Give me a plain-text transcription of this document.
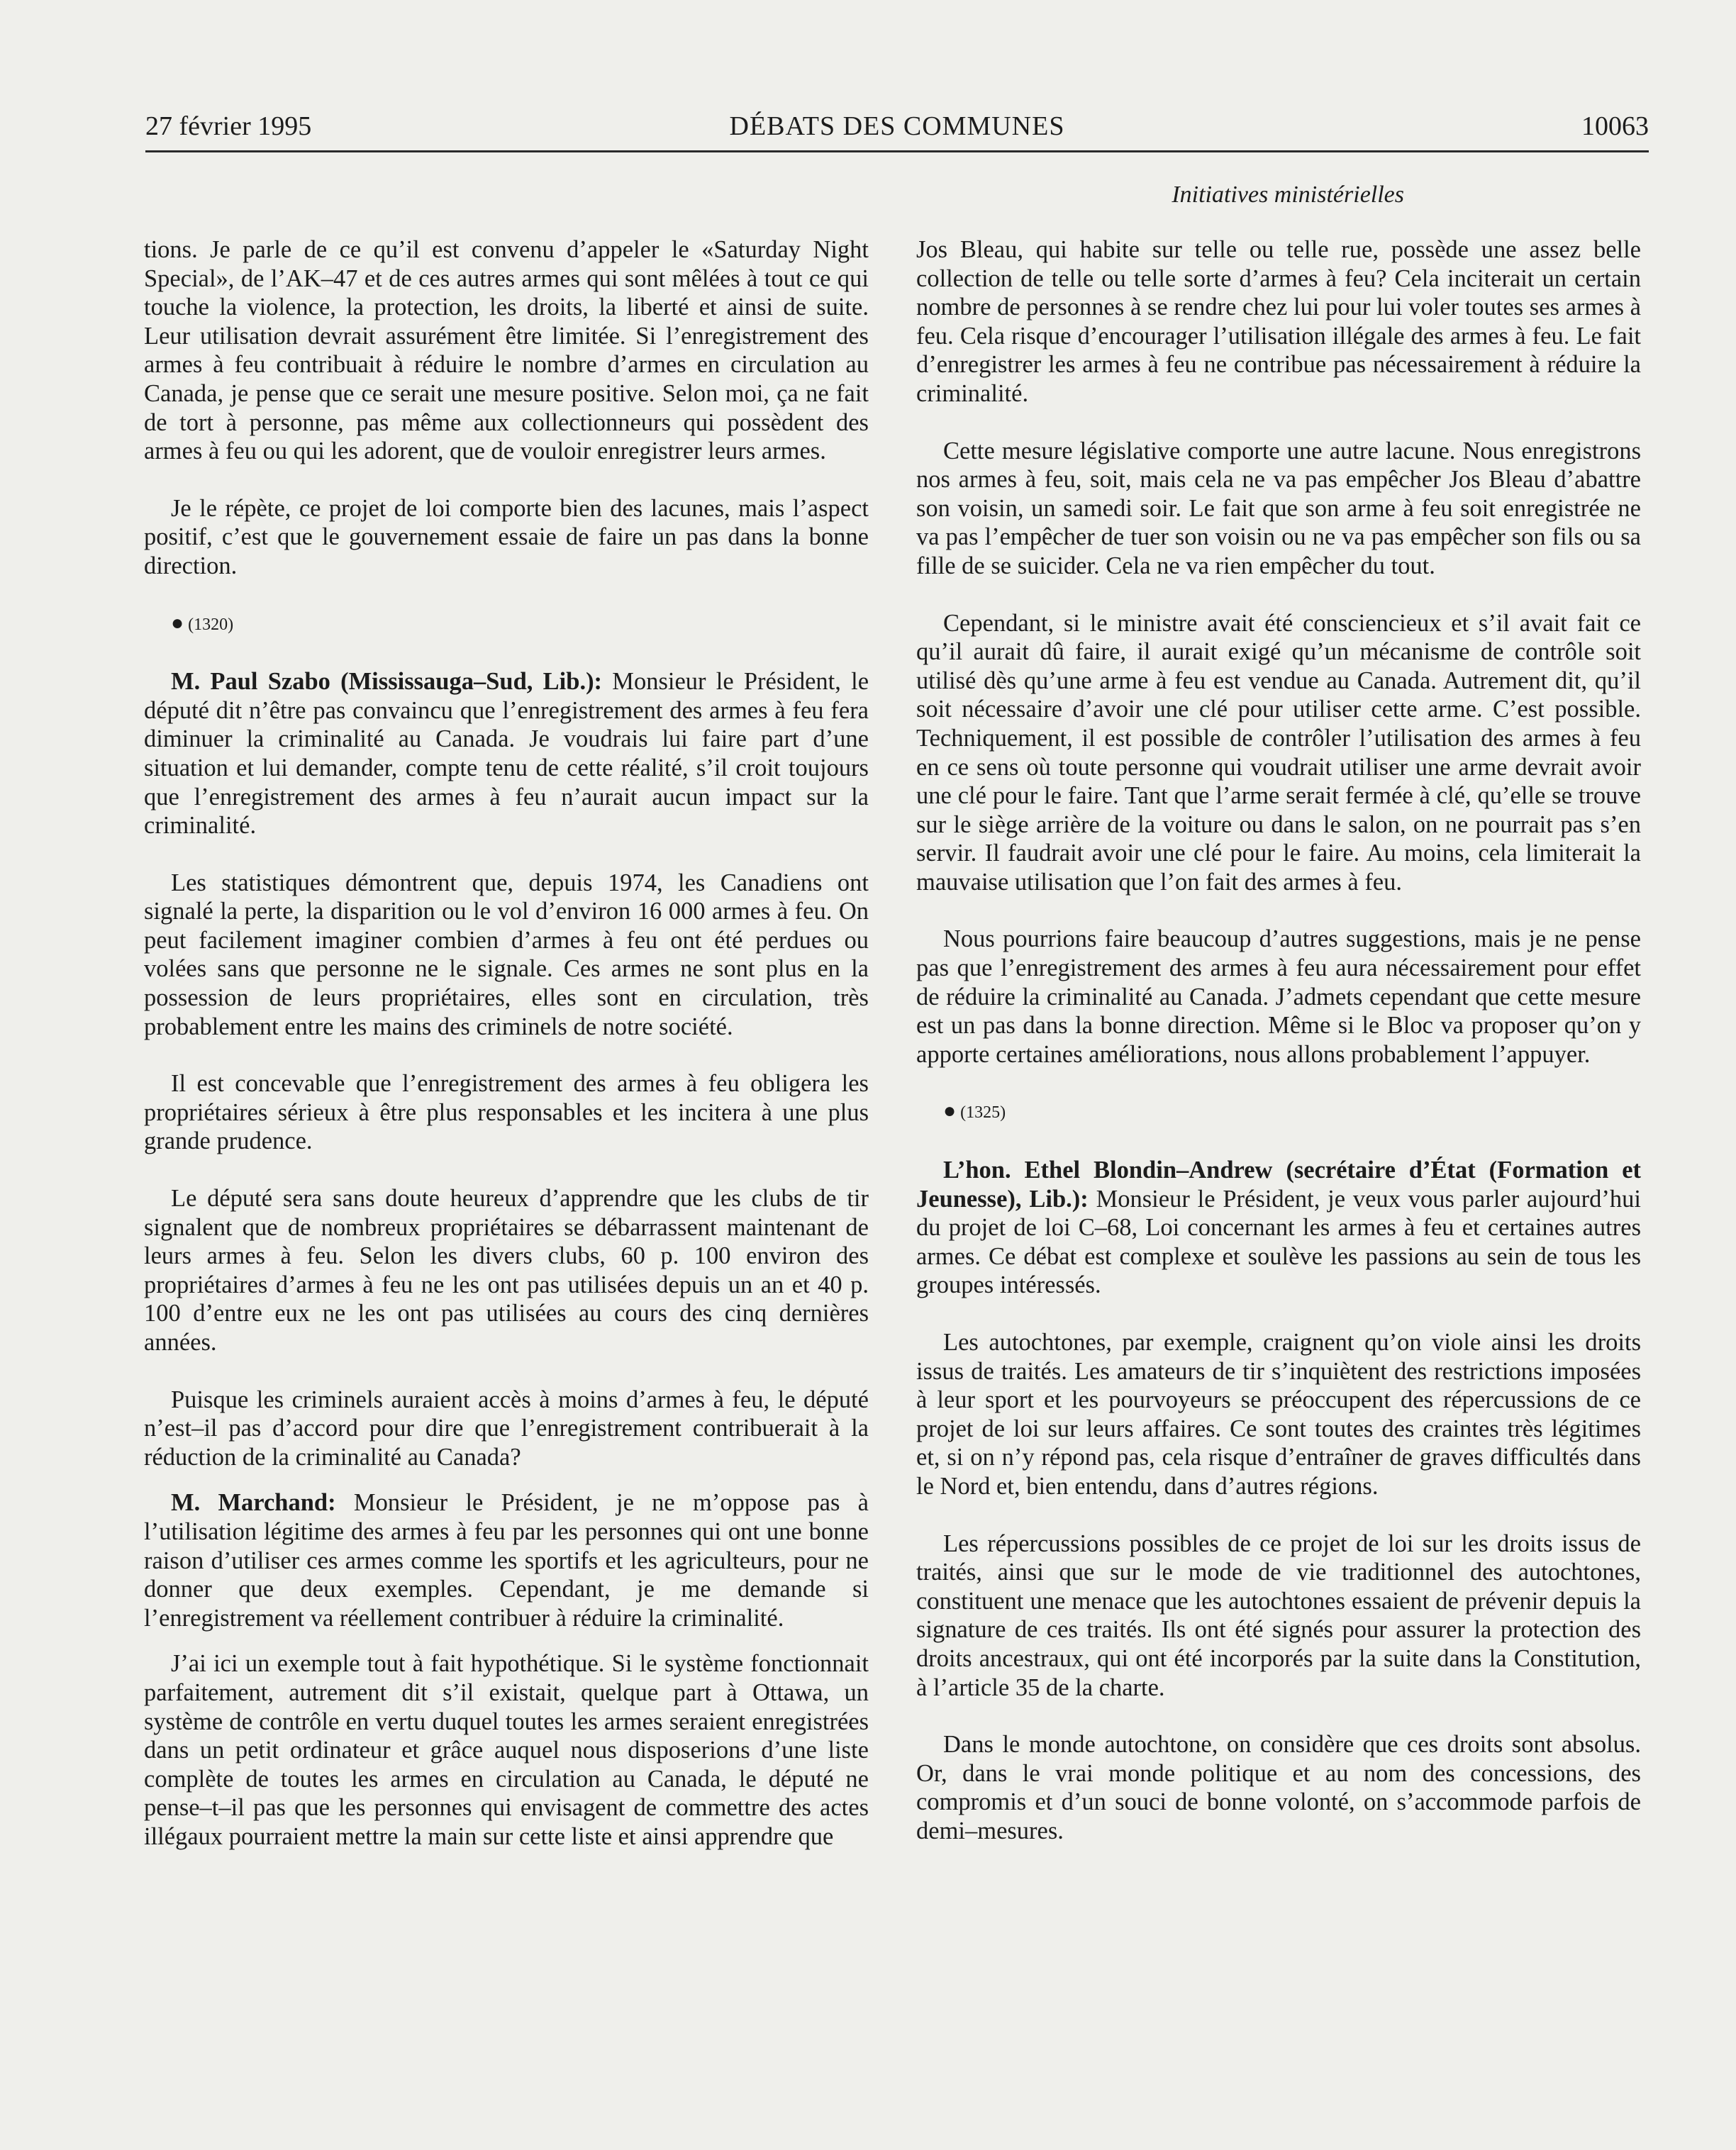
27 février 1995	DÉBATS DES COMMUNES	10063
Initiatives ministérielles

tions. Je parle de ce qu’il est convenu d’appeler le «Saturday Night Special», de l’AK–47 et de ces autres armes qui sont mêlées à tout ce qui touche la violence, la protection, les droits, la liberté et ainsi de suite. Leur utilisation devrait assurément être limitée. Si l’enregistrement des armes à feu contribuait à réduire le nombre d’armes en circulation au Canada, je pense que ce serait une mesure positive. Selon moi, ça ne fait de tort à personne, pas même aux collectionneurs qui possèdent des armes à feu ou qui les adorent, que de vouloir enregistrer leurs armes.

Je le répète, ce projet de loi comporte bien des lacunes, mais l’aspect positif, c’est que le gouvernement essaie de faire un pas dans la bonne direction.

● (1320)

M. Paul Szabo (Mississauga–Sud, Lib.): Monsieur le Président, le député dit n’être pas convaincu que l’enregistrement des armes à feu fera diminuer la criminalité au Canada. Je voudrais lui faire part d’une situation et lui demander, compte tenu de cette réalité, s’il croit toujours que l’enregistrement des armes à feu n’aurait aucun impact sur la criminalité.

Les statistiques démontrent que, depuis 1974, les Canadiens ont signalé la perte, la disparition ou le vol d’environ 16 000 armes à feu. On peut facilement imaginer combien d’armes à feu ont été perdues ou volées sans que personne ne le signale. Ces armes ne sont plus en la possession de leurs propriétaires, elles sont en circulation, très probablement entre les mains des criminels de notre société.

Il est concevable que l’enregistrement des armes à feu obligera les propriétaires sérieux à être plus responsables et les incitera à une plus grande prudence.

Le député sera sans doute heureux d’apprendre que les clubs de tir signalent que de nombreux propriétaires se débarrassent maintenant de leurs armes à feu. Selon les divers clubs, 60 p. 100 environ des propriétaires d’armes à feu ne les ont pas utilisées depuis un an et 40 p. 100 d’entre eux ne les ont pas utilisées au cours des cinq dernières années.

Puisque les criminels auraient accès à moins d’armes à feu, le député n’est–il pas d’accord pour dire que l’enregistrement contribuerait à la réduction de la criminalité au Canada?

M. Marchand: Monsieur le Président, je ne m’oppose pas à l’utilisation légitime des armes à feu par les personnes qui ont une bonne raison d’utiliser ces armes comme les sportifs et les agriculteurs, pour ne donner que deux exemples. Cependant, je me demande si l’enregistrement va réellement contribuer à réduire la criminalité.

J’ai ici un exemple tout à fait hypothétique. Si le système fonctionnait parfaitement, autrement dit s’il existait, quelque part à Ottawa, un système de contrôle en vertu duquel toutes les armes seraient enregistrées dans un petit ordinateur et grâce auquel nous disposerions d’une liste complète de toutes les armes en circulation au Canada, le député ne pense–t–il pas que les personnes qui envisagent de commettre des actes illégaux pourraient mettre la main sur cette liste et ainsi apprendre que

Jos Bleau, qui habite sur telle ou telle rue, possède une assez belle collection de telle ou telle sorte d’armes à feu? Cela inciterait un certain nombre de personnes à se rendre chez lui pour lui voler toutes ses armes à feu. Cela risque d’encourager l’utilisation illégale des armes à feu. Le fait d’enregistrer les armes à feu ne contribue pas nécessairement à réduire la criminalité.

Cette mesure législative comporte une autre lacune. Nous enregistrons nos armes à feu, soit, mais cela ne va pas empêcher Jos Bleau d’abattre son voisin, un samedi soir. Le fait que son arme à feu soit enregistrée ne va pas l’empêcher de tuer son voisin ou ne va pas empêcher son fils ou sa fille de se suicider. Cela ne va rien empêcher du tout.

Cependant, si le ministre avait été consciencieux et s’il avait fait ce qu’il aurait dû faire, il aurait exigé qu’un mécanisme de contrôle soit utilisé dès qu’une arme à feu est vendue au Canada. Autrement dit, qu’il soit nécessaire d’avoir une clé pour utiliser cette arme. C’est possible. Techniquement, il est possible de contrôler l’utilisation des armes à feu en ce sens où toute personne qui voudrait utiliser une arme devrait avoir une clé pour le faire. Tant que l’arme serait fermée à clé, qu’elle se trouve sur le siège arrière de la voiture ou dans le salon, on ne pourrait pas s’en servir. Il faudrait avoir une clé pour le faire. Au moins, cela limiterait la mauvaise utilisation que l’on fait des armes à feu.

Nous pourrions faire beaucoup d’autres suggestions, mais je ne pense pas que l’enregistrement des armes à feu aura nécessairement pour effet de réduire la criminalité au Canada. J’admets cependant que cette mesure est un pas dans la bonne direction. Même si le Bloc va proposer qu’on y apporte certaines améliorations, nous allons probablement l’appuyer.

● (1325)

L’hon. Ethel Blondin–Andrew (secrétaire d’État (Formation et Jeunesse), Lib.): Monsieur le Président, je veux vous parler aujourd’hui du projet de loi C–68, Loi concernant les armes à feu et certaines autres armes. Ce débat est complexe et soulève les passions au sein de tous les groupes intéressés.

Les autochtones, par exemple, craignent qu’on viole ainsi les droits issus de traités. Les amateurs de tir s’inquiètent des restrictions imposées à leur sport et les pourvoyeurs se préoccupent des répercussions de ce projet de loi sur leurs affaires. Ce sont toutes des craintes très légitimes et, si on n’y répond pas, cela risque d’entraîner de graves difficultés dans le Nord et, bien entendu, dans d’autres régions.

Les répercussions possibles de ce projet de loi sur les droits issus de traités, ainsi que sur le mode de vie traditionnel des autochtones, constituent une menace que les autochtones essaient de prévenir depuis la signature de ces traités. Ils ont été signés pour assurer la protection des droits ancestraux, qui ont été incorporés par la suite dans la Constitution, à l’article 35 de la charte.

Dans le monde autochtone, on considère que ces droits sont absolus. Or, dans le vrai monde politique et au nom des concessions, des compromis et d’un souci de bonne volonté, on s’accommode parfois de demi–mesures.
